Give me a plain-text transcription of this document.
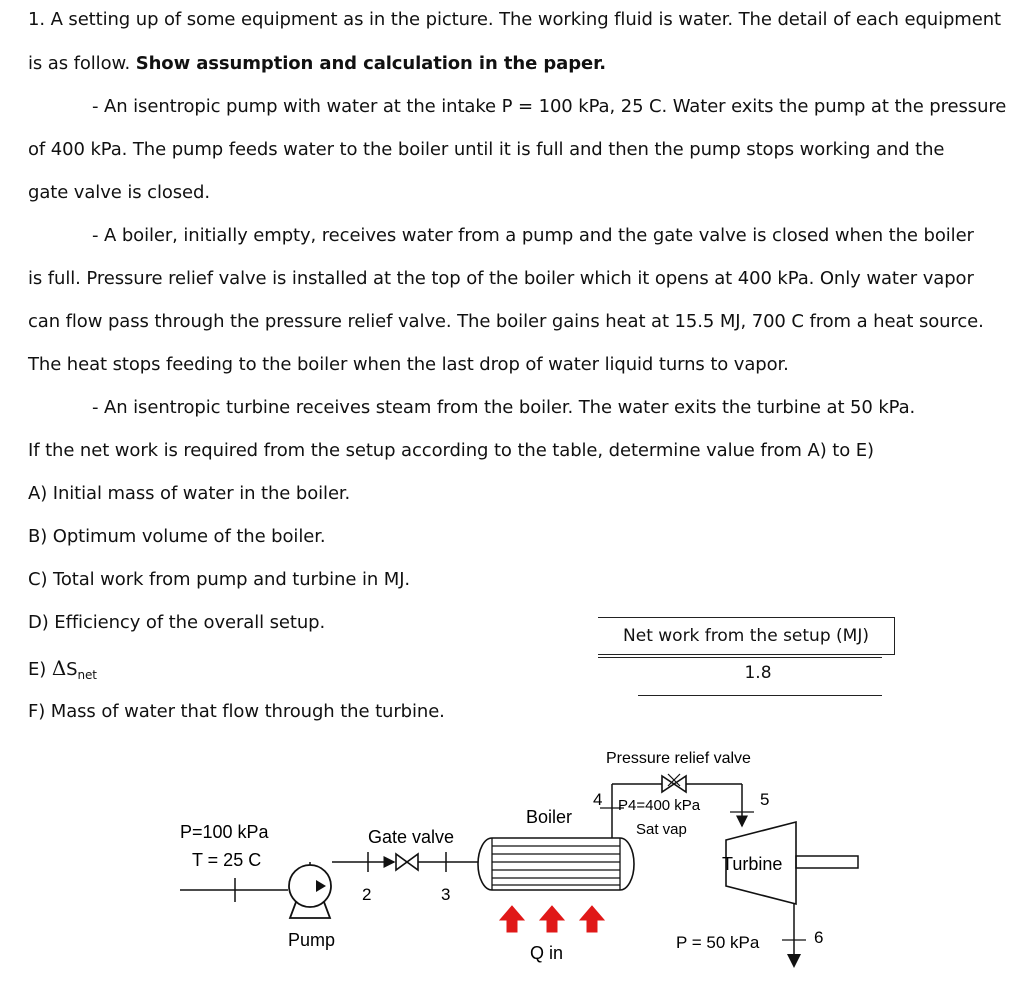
1. A setting up of some equipment as in the picture. The working fluid is water. The detail of each equipment
is as follow. Show assumption and calculation in the paper.
- An isentropic pump with water at the intake P = 100 kPa, 25 C. Water exits the pump at the pressure
of 400 kPa. The pump feeds water to the boiler until it is full and then the pump stops working and the
gate valve is closed.
- A boiler, initially empty, receives water from a pump and the gate valve is closed when the boiler
is full. Pressure relief valve is installed at the top of the boiler which it opens at 400 kPa. Only water vapor
can flow pass through the pressure relief valve. The boiler gains heat at 15.5 MJ, 700 C from a heat source.
The heat stops feeding to the boiler when the last drop of water liquid turns to vapor.
- An isentropic turbine receives steam from the boiler. The water exits the turbine at 50 kPa.
If the net work is required from the setup according to the table, determine value from A) to E)
A) Initial mass of water in the boiler.
B) Optimum volume of the boiler.
C) Total work from pump and turbine in MJ.
D) Efficiency of the overall setup.
E) $\Delta S_{net}$
F) Mass of water that flow through the turbine.
Net work from the setup (MJ)
1.8
P=100 kPa
T = 25 C
Pump
2
Gate valve
3
Boiler
Q in
4
Pressure relief valve
P4=400 kPa
Sat vap
5
Turbine
6
P = 50 kPa
